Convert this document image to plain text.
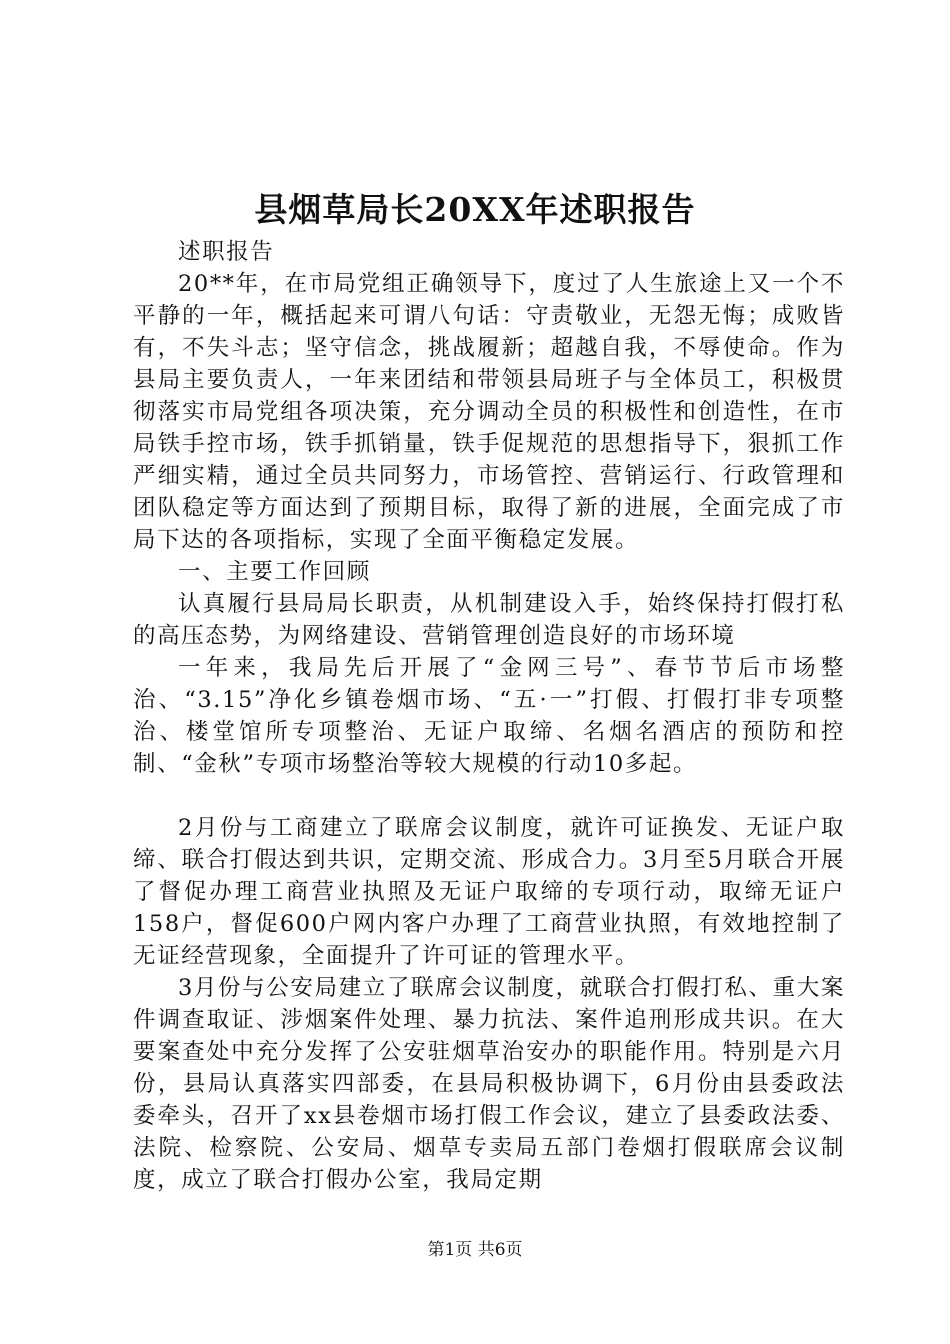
县烟草局长20XX年述职报告

述职报告

20**年，在市局党组正确领导下，度过了人生旅途上又一个不平静的一年，概括起来可谓八句话：守责敬业，无怨无悔；成败皆有，不失斗志；坚守信念，挑战履新；超越自我，不辱使命。作为县局主要负责人，一年来团结和带领县局班子与全体员工，积极贯彻落实市局党组各项决策，充分调动全员的积极性和创造性，在市局铁手控市场，铁手抓销量，铁手促规范的思想指导下，狠抓工作严细实精，通过全员共同努力，市场管控、营销运行、行政管理和团队稳定等方面达到了预期目标，取得了新的进展，全面完成了市局下达的各项指标，实现了全面平衡稳定发展。

一、主要工作回顾

认真履行县局局长职责，从机制建设入手，始终保持打假打私的高压态势，为网络建设、营销管理创造良好的市场环境

一年来，我局先后开展了“金网三号”、春节节后市场整治、“3.15”净化乡镇卷烟市场、“五·一”打假、打假打非专项整治、楼堂馆所专项整治、无证户取缔、名烟名酒店的预防和控制、“金秋”专项市场整治等较大规模的行动10多起。

2月份与工商建立了联席会议制度，就许可证换发、无证户取缔、联合打假达到共识，定期交流、形成合力。3月至5月联合开展了督促办理工商营业执照及无证户取缔的专项行动，取缔无证户158户，督促600户网内客户办理了工商营业执照，有效地控制了无证经营现象，全面提升了许可证的管理水平。

3月份与公安局建立了联席会议制度，就联合打假打私、重大案件调查取证、涉烟案件处理、暴力抗法、案件追刑形成共识。在大要案查处中充分发挥了公安驻烟草治安办的职能作用。特别是六月份，县局认真落实四部委，在县局积极协调下，6月份由县委政法委牵头，召开了xx县卷烟市场打假工作会议，建立了县委政法委、法院、检察院、公安局、烟草专卖局五部门卷烟打假联席会议制度，成立了联合打假办公室，我局定期

第1页 共6页
